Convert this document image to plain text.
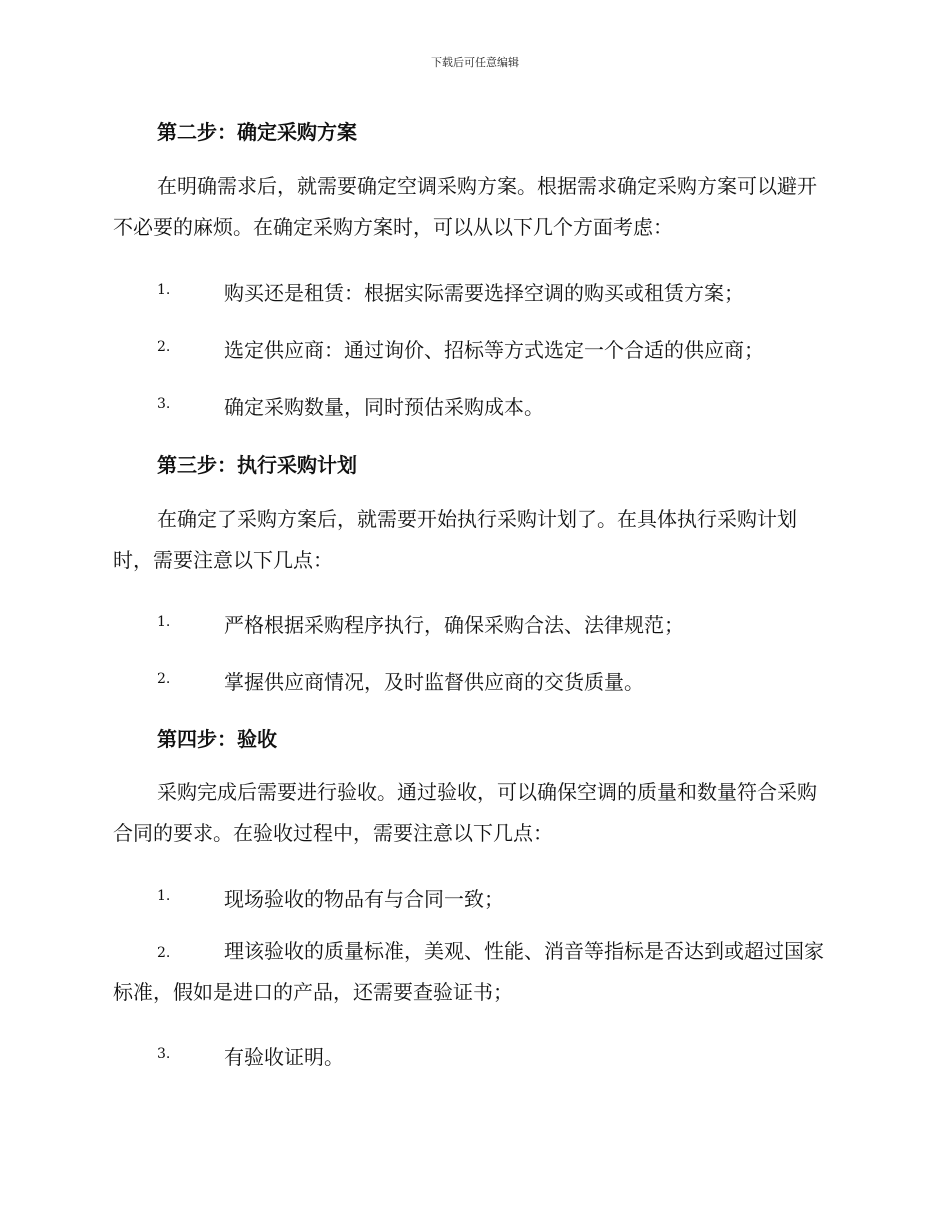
下载后可任意编辑
第二步：确定采购方案
在明确需求后，就需要确定空调采购方案。根据需求确定采购方案可以避开不必要的麻烦。在确定采购方案时，可以从以下几个方面考虑：
1.	购买还是租赁：根据实际需要选择空调的购买或租赁方案；
2.	选定供应商：通过询价、招标等方式选定一个合适的供应商；
3.	确定采购数量，同时预估采购成本。
第三步：执行采购计划
在确定了采购方案后，就需要开始执行采购计划了。在具体执行采购计划时，需要注意以下几点：
1.	严格根据采购程序执行，确保采购合法、法律规范；
2.	掌握供应商情况，及时监督供应商的交货质量。
第四步：验收
采购完成后需要进行验收。通过验收，可以确保空调的质量和数量符合采购合同的要求。在验收过程中，需要注意以下几点：
1.	现场验收的物品有与合同一致；
2.	理该验收的质量标准，美观、性能、消音等指标是否达到或超过国家标准，假如是进口的产品，还需要查验证书；
3.	有验收证明。
